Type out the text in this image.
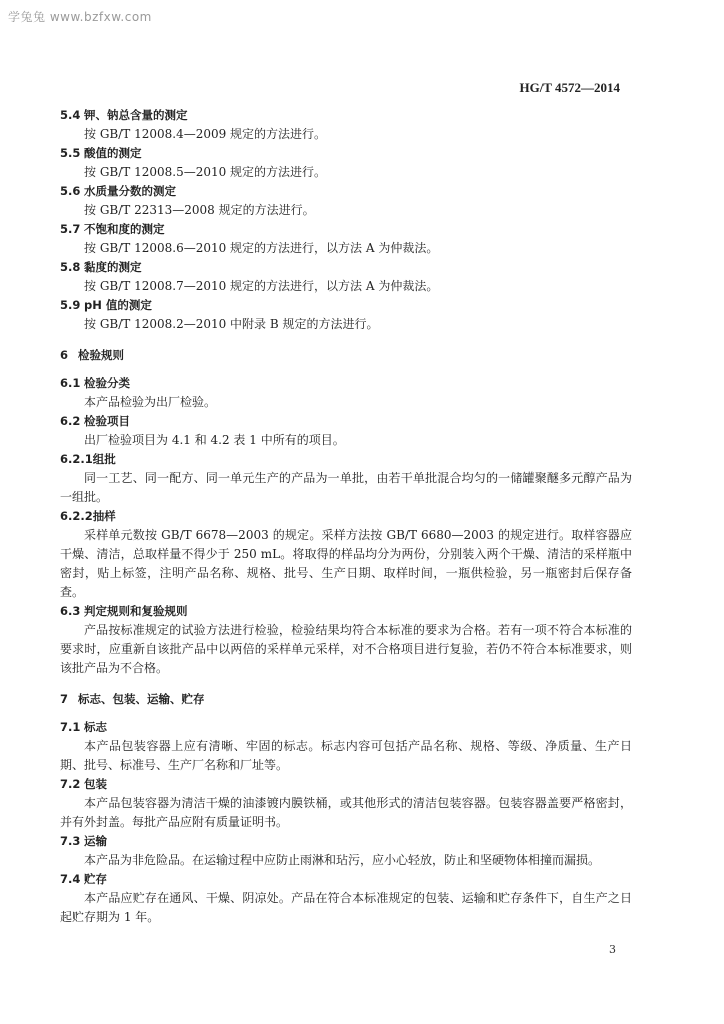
学兔兔 www.bzfxw.com
HG/T 4572—2014
5.4 钾、钠总含量的测定
按 GB/T 12008.4—2009 规定的方法进行。
5.5 酸值的测定
按 GB/T 12008.5—2010 规定的方法进行。
5.6 水质量分数的测定
按 GB/T 22313—2008 规定的方法进行。
5.7 不饱和度的测定
按 GB/T 12008.6—2010 规定的方法进行，以方法 A 为仲裁法。
5.8 黏度的测定
按 GB/T 12008.7—2010 规定的方法进行，以方法 A 为仲裁法。
5.9 pH 值的测定
按 GB/T 12008.2—2010 中附录 B 规定的方法进行。
6 检验规则
6.1 检验分类
本产品检验为出厂检验。
6.2 检验项目
出厂检验项目为 4.1 和 4.2 表 1 中所有的项目。
6.2.1组批
同一工艺、同一配方、同一单元生产的产品为一单批，由若干单批混合均匀的一储罐聚醚多元醇产品为一组批。
6.2.2抽样
采样单元数按 GB/T 6678—2003 的规定。采样方法按 GB/T 6680—2003 的规定进行。取样容器应干燥、清洁，总取样量不得少于 250 mL。将取得的样品均分为两份，分别装入两个干燥、清洁的采样瓶中密封，贴上标签，注明产品名称、规格、批号、生产日期、取样时间，一瓶供检验，另一瓶密封后保存备查。
6.3 判定规则和复验规则
产品按标准规定的试验方法进行检验，检验结果均符合本标准的要求为合格。若有一项不符合本标准的要求时，应重新自该批产品中以两倍的采样单元采样，对不合格项目进行复验，若仍不符合本标准要求，则该批产品为不合格。
7 标志、包装、运输、贮存
7.1 标志
本产品包装容器上应有清晰、牢固的标志。标志内容可包括产品名称、规格、等级、净质量、生产日期、批号、标准号、生产厂名称和厂址等。
7.2 包装
本产品包装容器为清洁干燥的油漆镀内膜铁桶，或其他形式的清洁包装容器。包装容器盖要严格密封，并有外封盖。每批产品应附有质量证明书。
7.3 运输
本产品为非危险品。在运输过程中应防止雨淋和玷污，应小心轻放，防止和坚硬物体相撞而漏损。
7.4 贮存
本产品应贮存在通风、干燥、阴凉处。产品在符合本标准规定的包装、运输和贮存条件下，自生产之日起贮存期为 1 年。
3
